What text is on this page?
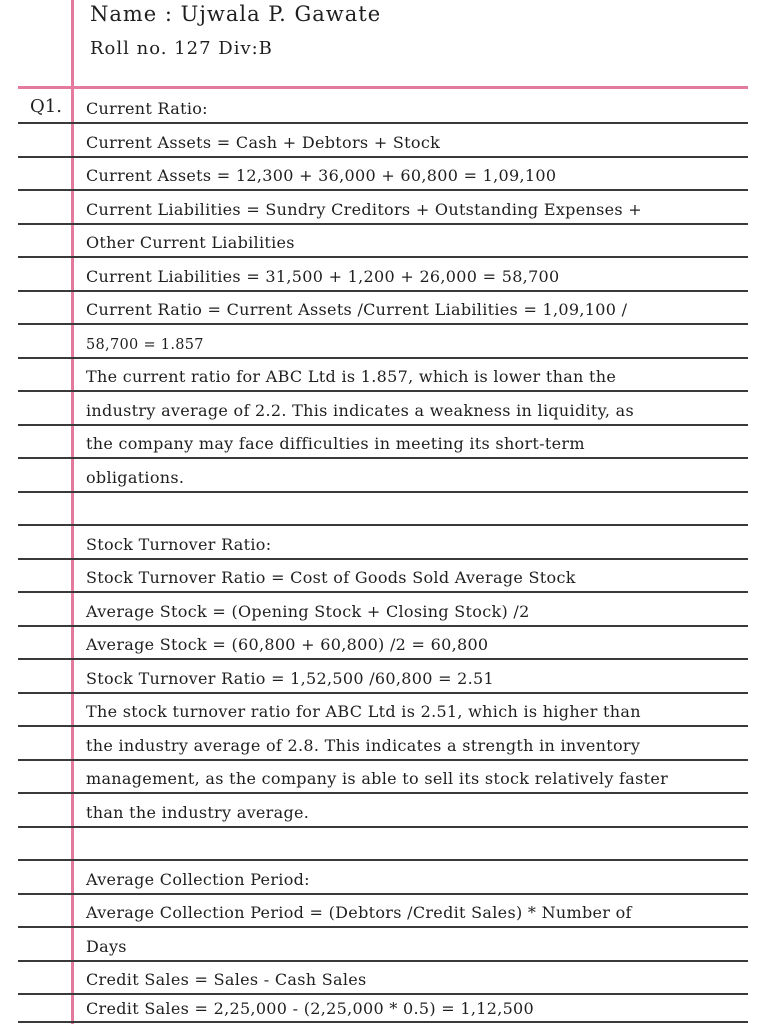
Name : Ujwala P. Gawate
Roll no. 127 Div:B
Q1. Current Ratio:
Current Assets = Cash + Debtors + Stock
Current Assets = 12,300 + 36,000 + 60,800 = 1,09,100
Current Liabilities = Sundry Creditors + Outstanding Expenses +
Other Current Liabilities
Current Liabilities = 31,500 + 1,200 + 26,000 = 58,700
Current Ratio = Current Assets /Current Liabilities = 1,09,100 /
58,700 = 1.857
The current ratio for ABC Ltd is 1.857, which is lower than the
industry average of 2.2. This indicates a weakness in liquidity, as
the company may face difficulties in meeting its short-term
obligations.
Stock Turnover Ratio:
Stock Turnover Ratio = Cost of Goods Sold Average Stock
Average Stock = (Opening Stock + Closing Stock) /2
Average Stock = (60,800 + 60,800) /2 = 60,800
Stock Turnover Ratio = 1,52,500 /60,800 = 2.51
The stock turnover ratio for ABC Ltd is 2.51, which is higher than
the industry average of 2.8. This indicates a strength in inventory
management, as the company is able to sell its stock relatively faster
than the industry average.
Average Collection Period:
Average Collection Period = (Debtors /Credit Sales) * Number of
Days
Credit Sales = Sales - Cash Sales
Credit Sales = 2,25,000 - (2,25,000 * 0.5) = 1,12,500
